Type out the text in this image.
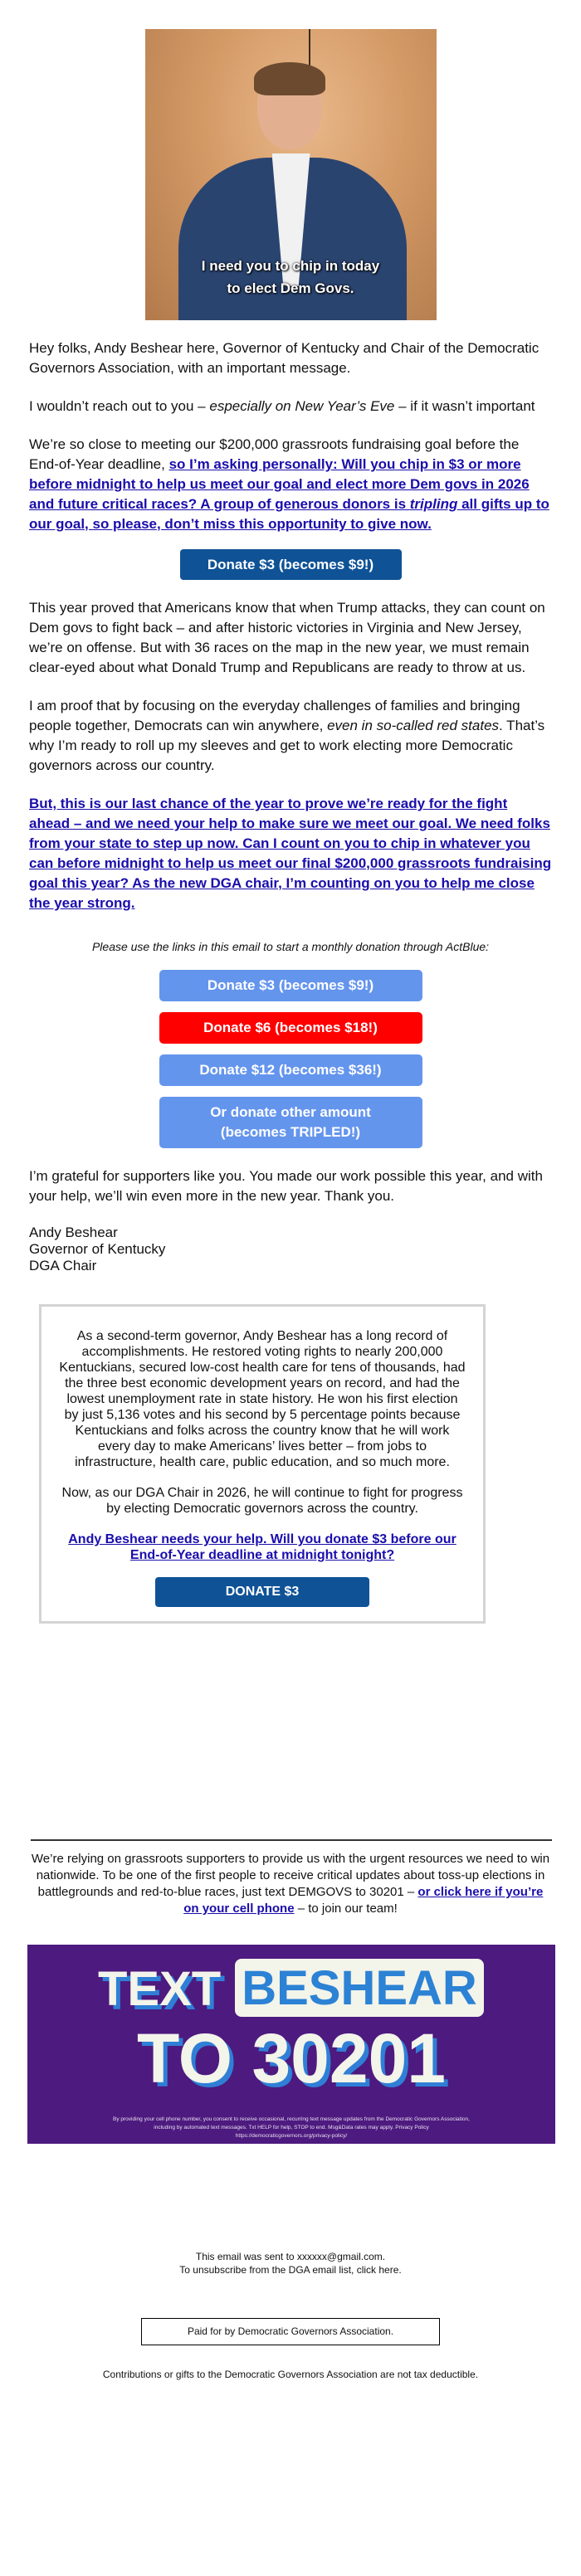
I need you to chip in today
to elect Dem Govs.

Hey folks, Andy Beshear here, Governor of Kentucky and Chair of the Democratic Governors Association, with an important message.

I wouldn’t reach out to you – especially on New Year’s Eve – if it wasn’t important

We’re so close to meeting our $200,000 grassroots fundraising goal before the End-of-Year deadline, so I’m asking personally: Will you chip in $3 or more before midnight to help us meet our goal and elect more Dem govs in 2026 and future critical races? A group of generous donors is tripling all gifts up to our goal, so please, don’t miss this opportunity to give now.

Donate $3 (becomes $9!)

This year proved that Americans know that when Trump attacks, they can count on Dem govs to fight back – and after historic victories in Virginia and New Jersey, we’re on offense. But with 36 races on the map in the new year, we must remain clear-eyed about what Donald Trump and Republicans are ready to throw at us.

I am proof that by focusing on the everyday challenges of families and bringing people together, Democrats can win anywhere, even in so-called red states. That’s why I’m ready to roll up my sleeves and get to work electing more Democratic governors across our country.

But, this is our last chance of the year to prove we’re ready for the fight ahead – and we need your help to make sure we meet our goal. We need folks from your state to step up now. Can I count on you to chip in whatever you can before midnight to help us meet our final $200,000 grassroots fundraising goal this year? As the new DGA chair, I’m counting on you to help me close the year strong.

Please use the links in this email to start a monthly donation through ActBlue:
Donate $3 (becomes $9!)
Donate $6 (becomes $18!)
Donate $12 (becomes $36!)
Or donate other amount
(becomes TRIPLED!)

I’m grateful for supporters like you. You made our work possible this year, and with your help, we’ll win even more in the new year. Thank you.

Andy Beshear
Governor of Kentucky
DGA Chair

As a second-term governor, Andy Beshear has a long record of accomplishments. He restored voting rights to nearly 200,000 Kentuckians, secured low-cost health care for tens of thousands, had the three best economic development years on record, and had the lowest unemployment rate in state history. He won his first election by just 5,136 votes and his second by 5 percentage points because Kentuckians and folks across the country know that he will work every day to make Americans’ lives better – from jobs to infrastructure, health care, public education, and so much more.

Now, as our DGA Chair in 2026, he will continue to fight for progress by electing Democratic governors across the country.

Andy Beshear needs your help. Will you donate $3 before our End-of-Year deadline at midnight tonight?

DONATE $3
We’re relying on grassroots supporters to provide us with the urgent resources we need to win nationwide. To be one of the first people to receive critical updates about toss-up elections in battlegrounds and red-to-blue races, just text DEMGOVS to 30201 – or click here if you’re on your cell phone – to join our team!
TEXT BESHEAR
TO 30201
By providing your cell phone number, you consent to receive occasional, recurring text message updates from the Democratic Governors Association, including by automated text messages. Txt HELP for help, STOP to end. Msg&Data rates may apply. Privacy Policy https://democraticgovernors.org/privacy-policy/
This email was sent to xxxxxx@gmail.com.
To unsubscribe from the DGA email list, click here.
Paid for by Democratic Governors Association.
Contributions or gifts to the Democratic Governors Association are not tax deductible.
